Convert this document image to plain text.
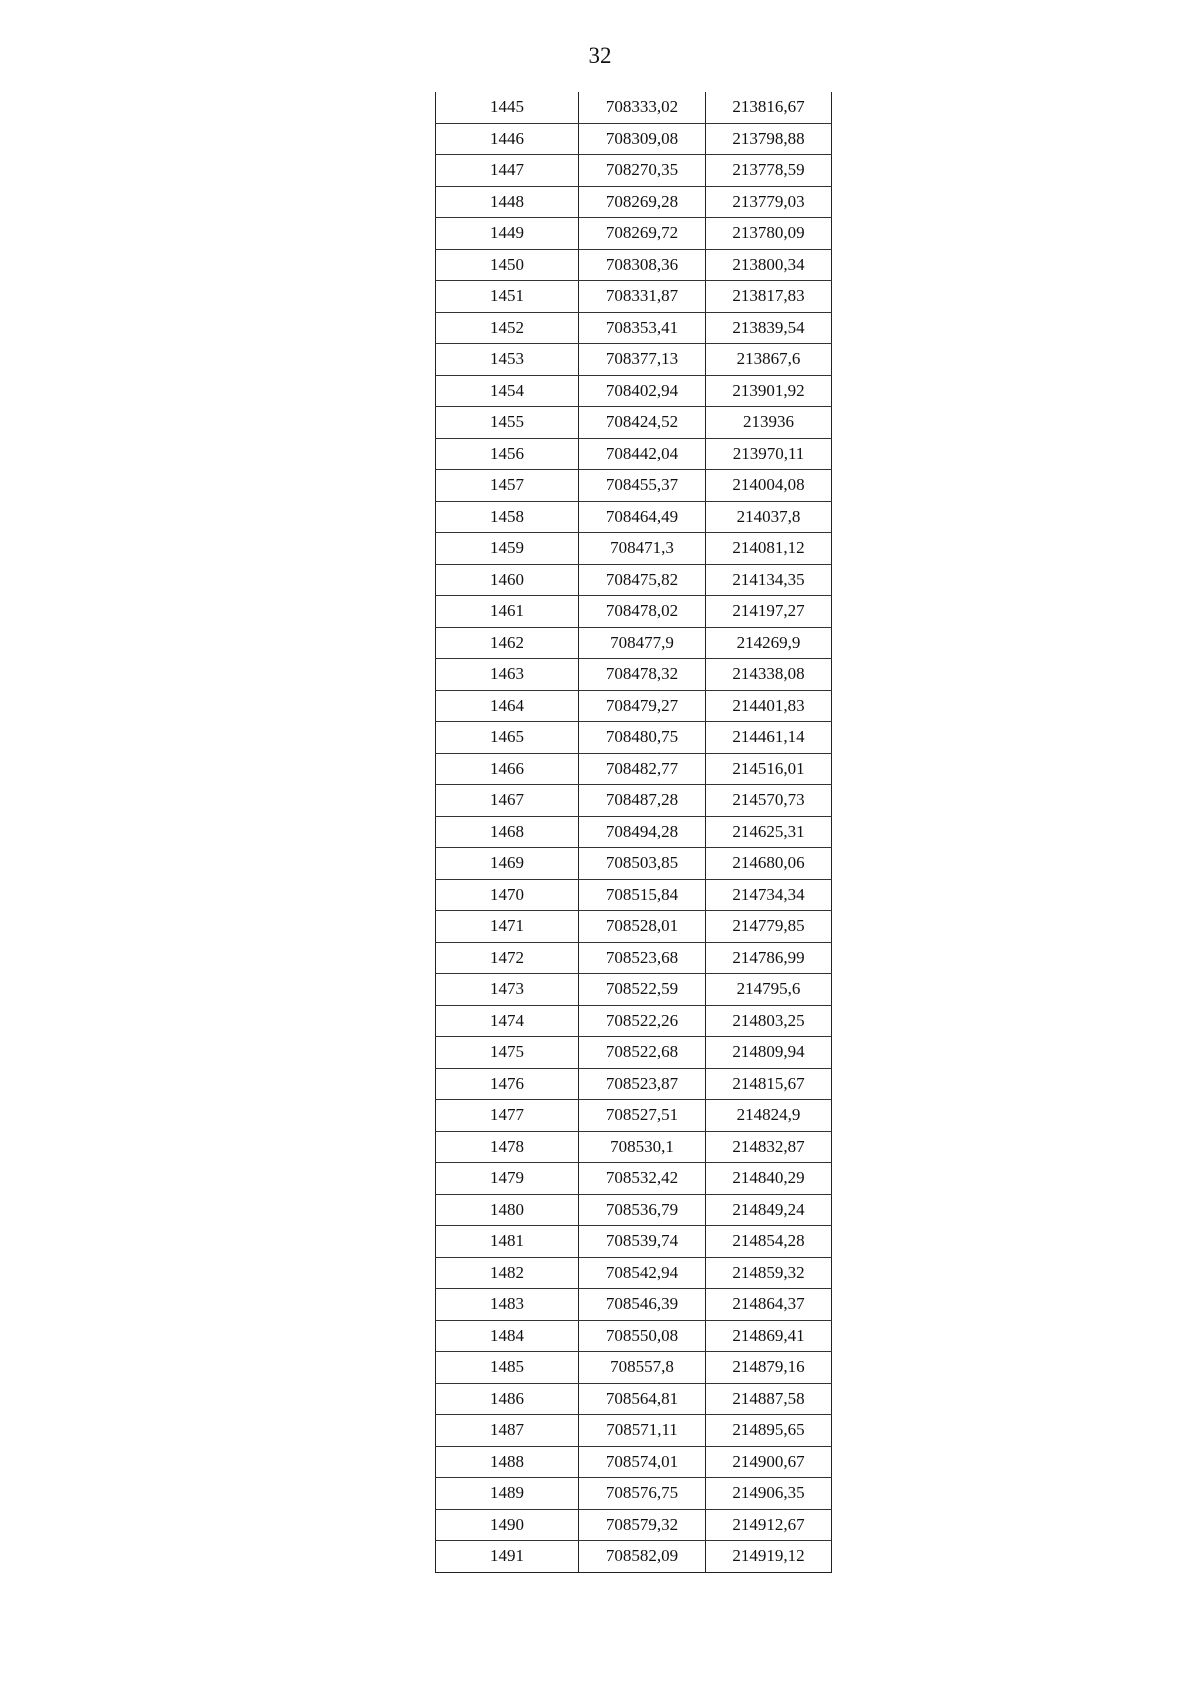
32
1445	708333,02	213816,67
1446	708309,08	213798,88
1447	708270,35	213778,59
1448	708269,28	213779,03
1449	708269,72	213780,09
1450	708308,36	213800,34
1451	708331,87	213817,83
1452	708353,41	213839,54
1453	708377,13	213867,6
1454	708402,94	213901,92
1455	708424,52	213936
1456	708442,04	213970,11
1457	708455,37	214004,08
1458	708464,49	214037,8
1459	708471,3	214081,12
1460	708475,82	214134,35
1461	708478,02	214197,27
1462	708477,9	214269,9
1463	708478,32	214338,08
1464	708479,27	214401,83
1465	708480,75	214461,14
1466	708482,77	214516,01
1467	708487,28	214570,73
1468	708494,28	214625,31
1469	708503,85	214680,06
1470	708515,84	214734,34
1471	708528,01	214779,85
1472	708523,68	214786,99
1473	708522,59	214795,6
1474	708522,26	214803,25
1475	708522,68	214809,94
1476	708523,87	214815,67
1477	708527,51	214824,9
1478	708530,1	214832,87
1479	708532,42	214840,29
1480	708536,79	214849,24
1481	708539,74	214854,28
1482	708542,94	214859,32
1483	708546,39	214864,37
1484	708550,08	214869,41
1485	708557,8	214879,16
1486	708564,81	214887,58
1487	708571,11	214895,65
1488	708574,01	214900,67
1489	708576,75	214906,35
1490	708579,32	214912,67
1491	708582,09	214919,12
